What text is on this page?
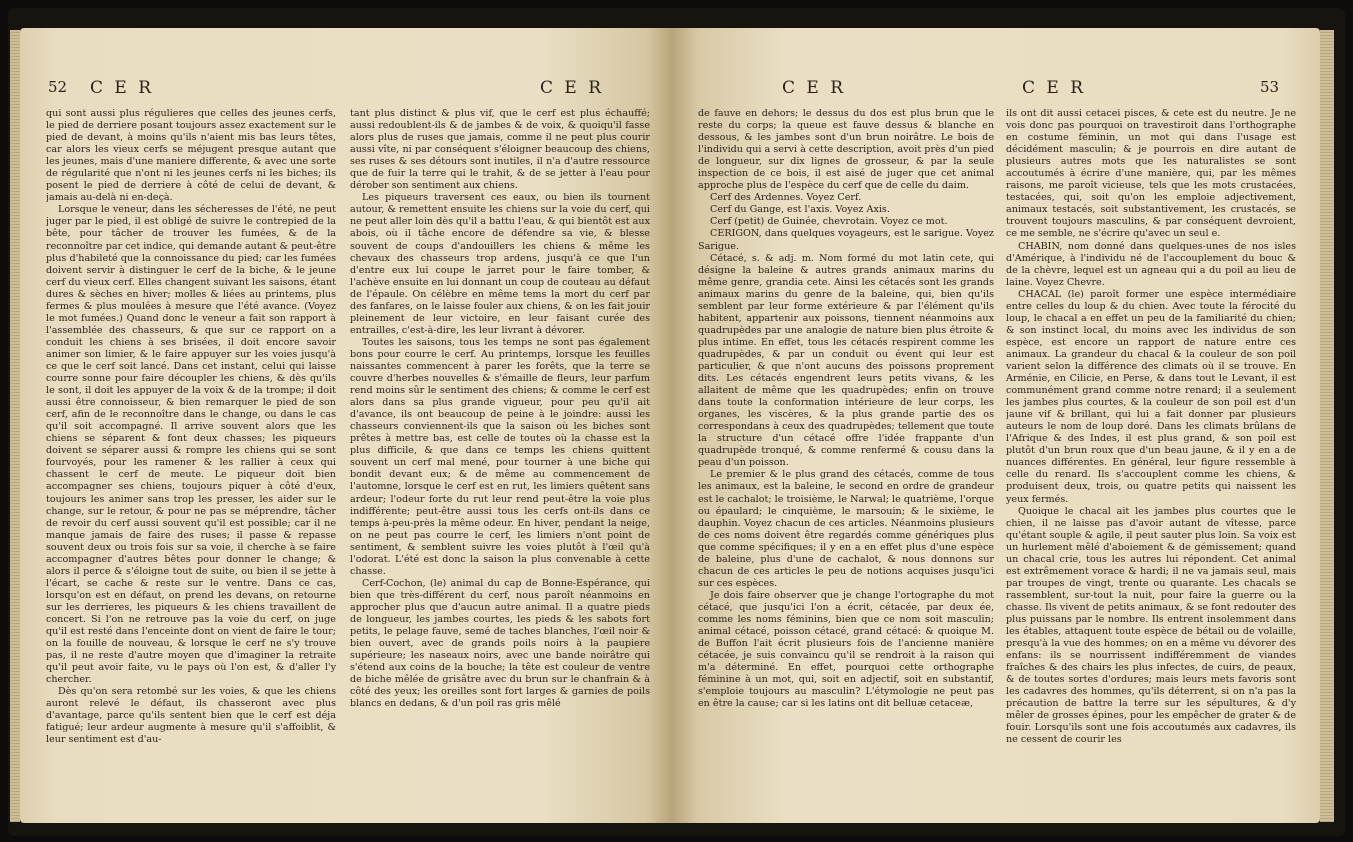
52 C E R	C E R

qui sont aussi plus régulieres que celles des jeunes cerfs, le pied de derriere posant toujours assez exactement sur le pied de devant, à moins qu'ils n'aient mis bas leurs têtes, car alors les vieux cerfs se méjugent presque autant que les jeunes, mais d'une maniere differente, & avec une sorte de régularité que n'ont ni les jeunes cerfs ni les biches; ils posent le pied de derriere à côté de celui de devant, & jamais au-delà ni en-deçà.

Lorsque le veneur, dans les sécheresses de l'été, ne peut juger par le pied, il est obligé de suivre le contrepied de la bête, pour tâcher de trouver les fumées, & de la reconnoître par cet indice, qui demande autant & peut-être plus d'habileté que la connoissance du pied; car les fumées doivent servir à distinguer le cerf de la biche, & le jeune cerf du vieux cerf. Elles changent suivant les saisons, étant dures & sèches en hiver; molles & liées au printems, plus fermes & plus moulées à mesure que l'été avance. (Voyez le mot fumées.) Quand donc le veneur a fait son rapport à l'assemblée des chasseurs, & que sur ce rapport on a conduit les chiens à ses brisées, il doit encore savoir animer son limier, & le faire appuyer sur les voies jusqu'à ce que le cerf soit lancé. Dans cet instant, celui qui laisse courre sonne pour faire découpler les chiens, & dès qu'ils le sont, il doit les appuyer de la voix & de la trompe; il doit aussi être connoisseur, & bien remarquer le pied de son cerf, afin de le reconnoître dans le change, ou dans le cas qu'il soit accompagné. Il arrive souvent alors que les chiens se séparent & font deux chasses; les piqueurs doivent se séparer aussi & rompre les chiens qui se sont fourvoyés, pour les ramener & les rallier à ceux qui chassent le cerf de meute. Le piqueur doit bien accompagner ses chiens, toujours piquer à côté d'eux, toujours les animer sans trop les presser, les aider sur le change, sur le retour, & pour ne pas se méprendre, tâcher de revoir du cerf aussi souvent qu'il est possible; car il ne manque jamais de faire des ruses; il passe & repasse souvent deux ou trois fois sur sa voie, il cherche à se faire accompagner d'autres bêtes pour donner le change; & alors il perce & s'éloigne tout de suite, ou bien il se jette à l'écart, se cache & reste sur le ventre. Dans ce cas, lorsqu'on est en défaut, on prend les devans, on retourne sur les derrieres, les piqueurs & les chiens travaillent de concert. Si l'on ne retrouve pas la voie du cerf, on juge qu'il est resté dans l'enceinte dont on vient de faire le tour; on la fouille de nouveau, & lorsque le cerf ne s'y trouve pas, il ne reste d'autre moyen que d'imaginer la retraite qu'il peut avoir faite, vu le pays où l'on est, & d'aller l'y chercher.

Dès qu'on sera retombé sur les voies, & que les chiens auront relevé le défaut, ils chasseront avec plus d'avantage, parce qu'ils sentent bien que le cerf est déja fatigué; leur ardeur augmente à mesure qu'il s'affoiblit, & leur sentiment est d'au-

tant plus distinct & plus vif, que le cerf est plus échauffé; aussi redoublent-ils & de jambes & de voix, & quoiqu'il fasse alors plus de ruses que jamais, comme il ne peut plus courir aussi vîte, ni par conséquent s'éloigner beaucoup des chiens, ses ruses & ses détours sont inutiles, il n'a d'autre ressource que de fuir la terre qui le trahit, & de se jetter à l'eau pour dérober son sentiment aux chiens.

Les piqueurs traversent ces eaux, ou bien ils tournent autour, & remettent ensuite les chiens sur la voie du cerf, qui ne peut aller loin dès qu'il a battu l'eau, & qui bientôt est aux abois, où il tâche encore de défendre sa vie, & blesse souvent de coups d'andouillers les chiens & même les chevaux des chasseurs trop ardens, jusqu'à ce que l'un d'entre eux lui coupe le jarret pour le faire tomber, & l'achève ensuite en lui donnant un coup de couteau au défaut de l'épaule. On célèbre en même tems la mort du cerf par des fanfares, on le laisse fouler aux chiens, & on les fait jouir pleinement de leur victoire, en leur faisant curée des entrailles, c'est-à-dire, les leur livrant à dévorer.

Toutes les saisons, tous les temps ne sont pas également bons pour courre le cerf. Au printemps, lorsque les feuilles naissantes commencent à parer les forêts, que la terre se couvre d'herbes nouvelles & s'émaille de fleurs, leur parfum rend moins sûr le sentiment des chiens; & comme le cerf est alors dans sa plus grande vigueur, pour peu qu'il ait d'avance, ils ont beaucoup de peine à le joindre: aussi les chasseurs conviennent-ils que la saison où les biches sont prêtes à mettre bas, est celle de toutes où la chasse est la plus difficile, & que dans ce temps les chiens quittent souvent un cerf mal mené, pour tourner à une biche qui bondit devant eux; & de même au commencement de l'automne, lorsque le cerf est en rut, les limiers quêtent sans ardeur; l'odeur forte du rut leur rend peut-être la voie plus indifférente; peut-être aussi tous les cerfs ont-ils dans ce temps à-peu-près la même odeur. En hiver, pendant la neige, on ne peut pas courre le cerf, les limiers n'ont point de sentiment, & semblent suivre les voies plutôt à l'œil qu'à l'odorat. L'été est donc la saison la plus convenable à cette chasse.

Cerf-Cochon, (le) animal du cap de Bonne-Espérance, qui bien que très-différent du cerf, nous paroît néanmoins en approcher plus que d'aucun autre animal. Il a quatre pieds de longueur, les jambes courtes, les pieds & les sabots fort petits, le pelage fauve, semé de taches blanches, l'œil noir & bien ouvert, avec de grands poils noirs à la paupiere supérieure; les naseaux noirs, avec une bande noirâtre qui s'étend aux coins de la bouche; la tête est couleur de ventre de biche mêlée de grisâtre avec du brun sur le chanfrain & à côté des yeux; les oreilles sont fort larges & garnies de poils blancs en dedans, & d'un poil ras gris mêlé

C E R	C E R	53

de fauve en dehors; le dessus du dos est plus brun que le reste du corps; la queue est fauve dessus & blanche en dessous, & les jambes sont d'un brun noirâtre. Le bois de l'individu qui a servi à cette description, avoit près d'un pied de longueur, sur dix lignes de grosseur, & par la seule inspection de ce bois, il est aisé de juger que cet animal approche plus de l'espèce du cerf que de celle du daim.

Cerf des Ardennes. Voyez Cerf.

Cerf du Gange, est l'axis. Voyez Axis.

Cerf (petit) de Guinée, chevrotain. Voyez ce mot.

CERIGON, dans quelques voyageurs, est le sarigue. Voyez Sarigue.

Cétacé, s. & adj. m. Nom formé du mot latin cete, qui désigne la baleine & autres grands animaux marins du même genre, grandia cete. Ainsi les cétacés sont les grands animaux marins du genre de la baleine, qui, bien qu'ils semblent par leur forme extérieure & par l'élément qu'ils habitent, appartenir aux poissons, tiennent néanmoins aux quadrupèdes par une analogie de nature bien plus étroite & plus intime. En effet, tous les cétacés respirent comme les quadrupèdes, & par un conduit ou évent qui leur est particulier, & que n'ont aucuns des poissons proprement dits. Les cétacés engendrent leurs petits vivans, & les allaitent de même que les quadrupèdes; enfin on trouve dans toute la conformation intérieure de leur corps, les organes, les viscères, & la plus grande partie des os correspondans à ceux des quadrupèdes; tellement que toute la structure d'un cétacé offre l'idée frappante d'un quadrupède tronqué, & comme renfermé & cousu dans la peau d'un poisson.

Le premier & le plus grand des cétacés, comme de tous les animaux, est la baleine, le second en ordre de grandeur est le cachalot; le troisième, le Narwal; le quatrième, l'orque ou épaulard; le cinquième, le marsouin; & le sixième, le dauphin. Voyez chacun de ces articles. Néanmoins plusieurs de ces noms doivent être regardés comme génériques plus que comme spécifiques; il y en a en effet plus d'une espèce de baleine, plus d'une de cachalot, & nous donnons sur chacun de ces articles le peu de notions acquises jusqu'ici sur ces espèces.

Je dois faire observer que je change l'ortographe du mot cétacé, que jusqu'ici l'on a écrit, cétacée, par deux ée, comme les noms féminins, bien que ce nom soit masculin; animal cétacé, poisson cétacé, grand cétacé: & quoique M. de Buffon l'ait écrit plusieurs fois de l'ancienne manière cétacée, je suis convaincu qu'il se rendroit à la raison qui m'a déterminé. En effet, pourquoi cette orthographe féminine à un mot, qui, soit en adjectif, soit en substantif, s'emploie toujours au masculin? L'étymologie ne peut pas en être la cause; car si les latins ont dit belluæ cetaceæ,

ils ont dit aussi cetacei pisces, & cete est du neutre. Je ne vois donc pas pourquoi on travestiroit dans l'orthographe en costume féminin, un mot qui dans l'usage est décidément masculin; & je pourrois en dire autant de plusieurs autres mots que les naturalistes se sont accoutumés à écrire d'une manière, qui, par les mêmes raisons, me paroît vicieuse, tels que les mots crustacées, testacées, qui, soit qu'on les emploie adjectivement, animaux testacés, soit substantivement, les crustacés, se trouvent toujours masculins, & par conséquent devroient, ce me semble, ne s'écrire qu'avec un seul e.

CHABIN, nom donné dans quelques-unes de nos isles d'Amérique, à l'individu né de l'accouplement du bouc & de la chèvre, lequel est un agneau qui a du poil au lieu de laine. Voyez Chevre.

CHACAL (le) paroît former une espèce intermédiaire entre celles du loup & du chien. Avec toute la férocité du loup, le chacal a en effet un peu de la familiarité du chien; & son instinct local, du moins avec les individus de son espèce, est encore un rapport de nature entre ces animaux. La grandeur du chacal & la couleur de son poil varient selon la différence des climats où il se trouve. En Arménie, en Cilicie, en Perse, & dans tout le Levant, il est communément grand comme notre renard; il a seulement les jambes plus courtes, & la couleur de son poil est d'un jaune vif & brillant, qui lui a fait donner par plusieurs auteurs le nom de loup doré. Dans les climats brûlans de l'Afrique & des Indes, il est plus grand, & son poil est plutôt d'un brun roux que d'un beau jaune, & il y en a de nuances différentes. En général, leur figure ressemble à celle du renard. Ils s'accouplent comme les chiens, & produisent deux, trois, ou quatre petits qui naissent les yeux fermés.

Quoique le chacal ait les jambes plus courtes que le chien, il ne laisse pas d'avoir autant de vîtesse, parce qu'étant souple & agile, il peut sauter plus loin. Sa voix est un hurlement mêlé d'aboiement & de gémissement; quand un chacal crie, tous les autres lui répondent. Cet animal est extrêmement vorace & hardi; il ne va jamais seul, mais par troupes de vingt, trente ou quarante. Les chacals se rassemblent, sur-tout la nuit, pour faire la guerre ou la chasse. Ils vivent de petits animaux, & se font redouter des plus puissans par le nombre. Ils entrent insolemment dans les étables, attaquent toute espèce de bétail ou de volaille, presqu'à la vue des hommes; on en a même vu dévorer des enfans: ils se nourrissent indifféremment de viandes fraîches & des chairs les plus infectes, de cuirs, de peaux, & de toutes sortes d'ordures; mais leurs mets favoris sont les cadavres des hommes, qu'ils déterrent, si on n'a pas la précaution de battre la terre sur les sépultures, & d'y mêler de grosses épines, pour les empêcher de grater & de fouir. Lorsqu'ils sont une fois accoutumés aux cadavres, ils ne cessent de courir les
